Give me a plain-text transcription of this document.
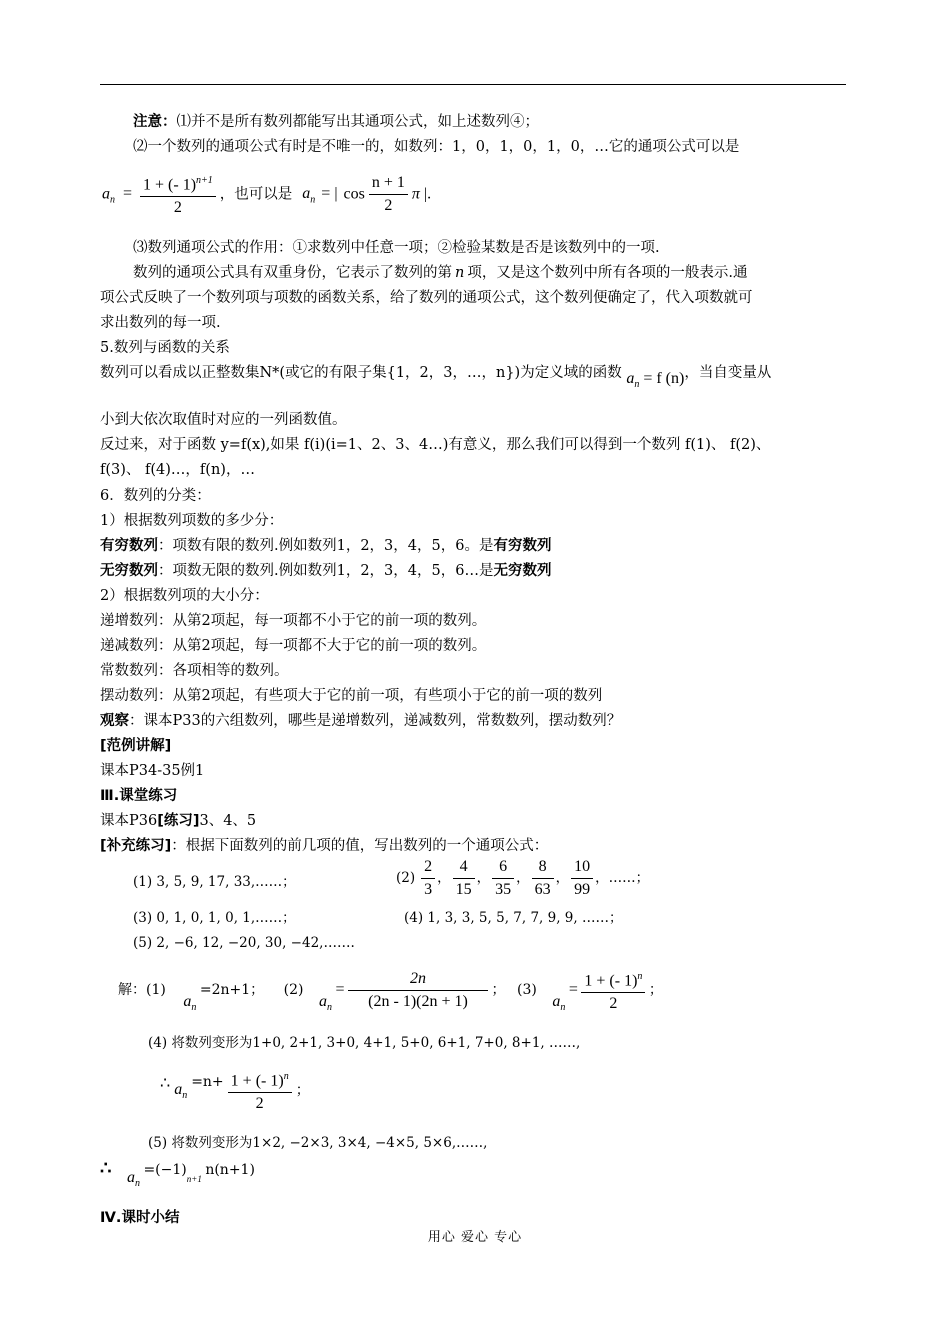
注意：⑴并不是所有数列都能写出其通项公式，如上述数列④；
⑵一个数列的通项公式有时是不唯一的，如数列：1，0，1，0，1，0，…它的通项公式可以是
$a_n = \frac{1 + (- 1)^{n+1}}{2}$ ，也可以是 $a_n$ = | $\cos \frac{n + 1}{2}$ π |.
⑶数列通项公式的作用：①求数列中任意一项；②检验某数是否是该数列中的一项.
数列的通项公式具有双重身份，它表示了数列的第 n 项，又是这个数列中所有各项的一般表示.通
项公式反映了一个数列项与项数的函数关系，给了数列的通项公式，这个数列便确定了，代入项数就可
求出数列的每一项.
5.数列与函数的关系
数列可以看成以正整数集N*(或它的有限子集{1，2，3，…，n})为定义域的函数 $a_n = f$ (n)，当自变量从
小到大依次取值时对应的一列函数值。
反过来，对于函数 y=f(x),如果 f(i)(i=1、2、3、4…)有意义，那么我们可以得到一个数列 f(1)、 f(2)、
f(3)、 f(4)…，f(n)，…
6．数列的分类：
1）根据数列项数的多少分：
有穷数列：项数有限的数列.例如数列1，2，3，4，5，6。是有穷数列
无穷数列：项数无限的数列.例如数列1，2，3，4，5，6…是无穷数列
2）根据数列项的大小分：
递增数列：从第2项起，每一项都不小于它的前一项的数列。
递减数列：从第2项起，每一项都不大于它的前一项的数列。
常数数列：各项相等的数列。
摆动数列：从第2项起，有些项大于它的前一项，有些项小于它的前一项的数列
观察：课本P33的六组数列，哪些是递增数列，递减数列，常数数列，摆动数列？
[范例讲解]
课本P34-35例1
Ⅲ.课堂练习
课本P36[练习]3、4、5
[补充练习]：根据下面数列的前几项的值，写出数列的一个通项公式：
(1) 3, 5, 9, 17, 33,……；	$(2) \frac{2}{3}$ ， $\frac{4}{15}$ ， $\frac{6}{35}$ ， $\frac{8}{63}$ ， $\frac{10}{99}$ ，……；
(3) 0, 1, 0, 1, 0, 1,……；	(4) 1, 3, 3, 5, 5, 7, 7, 9, 9, ……；
(5) 2, −6, 12, −20, 30, −42,…….
解：(1) $a_n =2n+1$； (2) $a_n = \frac{2n}{(2n - 1)(2n + 1)}$ ； (3) $a_n = \frac{1 + (- 1)^n}{2}$ ；
(4) 将数列变形为1+0, 2+1, 3+0, 4+1, 5+0, 6+1, 7+0, 8+1, ……,
∴ $a_n =n+ \frac{1 + (- 1)^n}{2}$ ；
(5) 将数列变形为1×2, −2×3, 3×4, −4×5, 5×6,……,
∴ $a_n =(-1)_{n+1}$ n(n+1)
Ⅳ.课时小结
用心 爱心 专心
